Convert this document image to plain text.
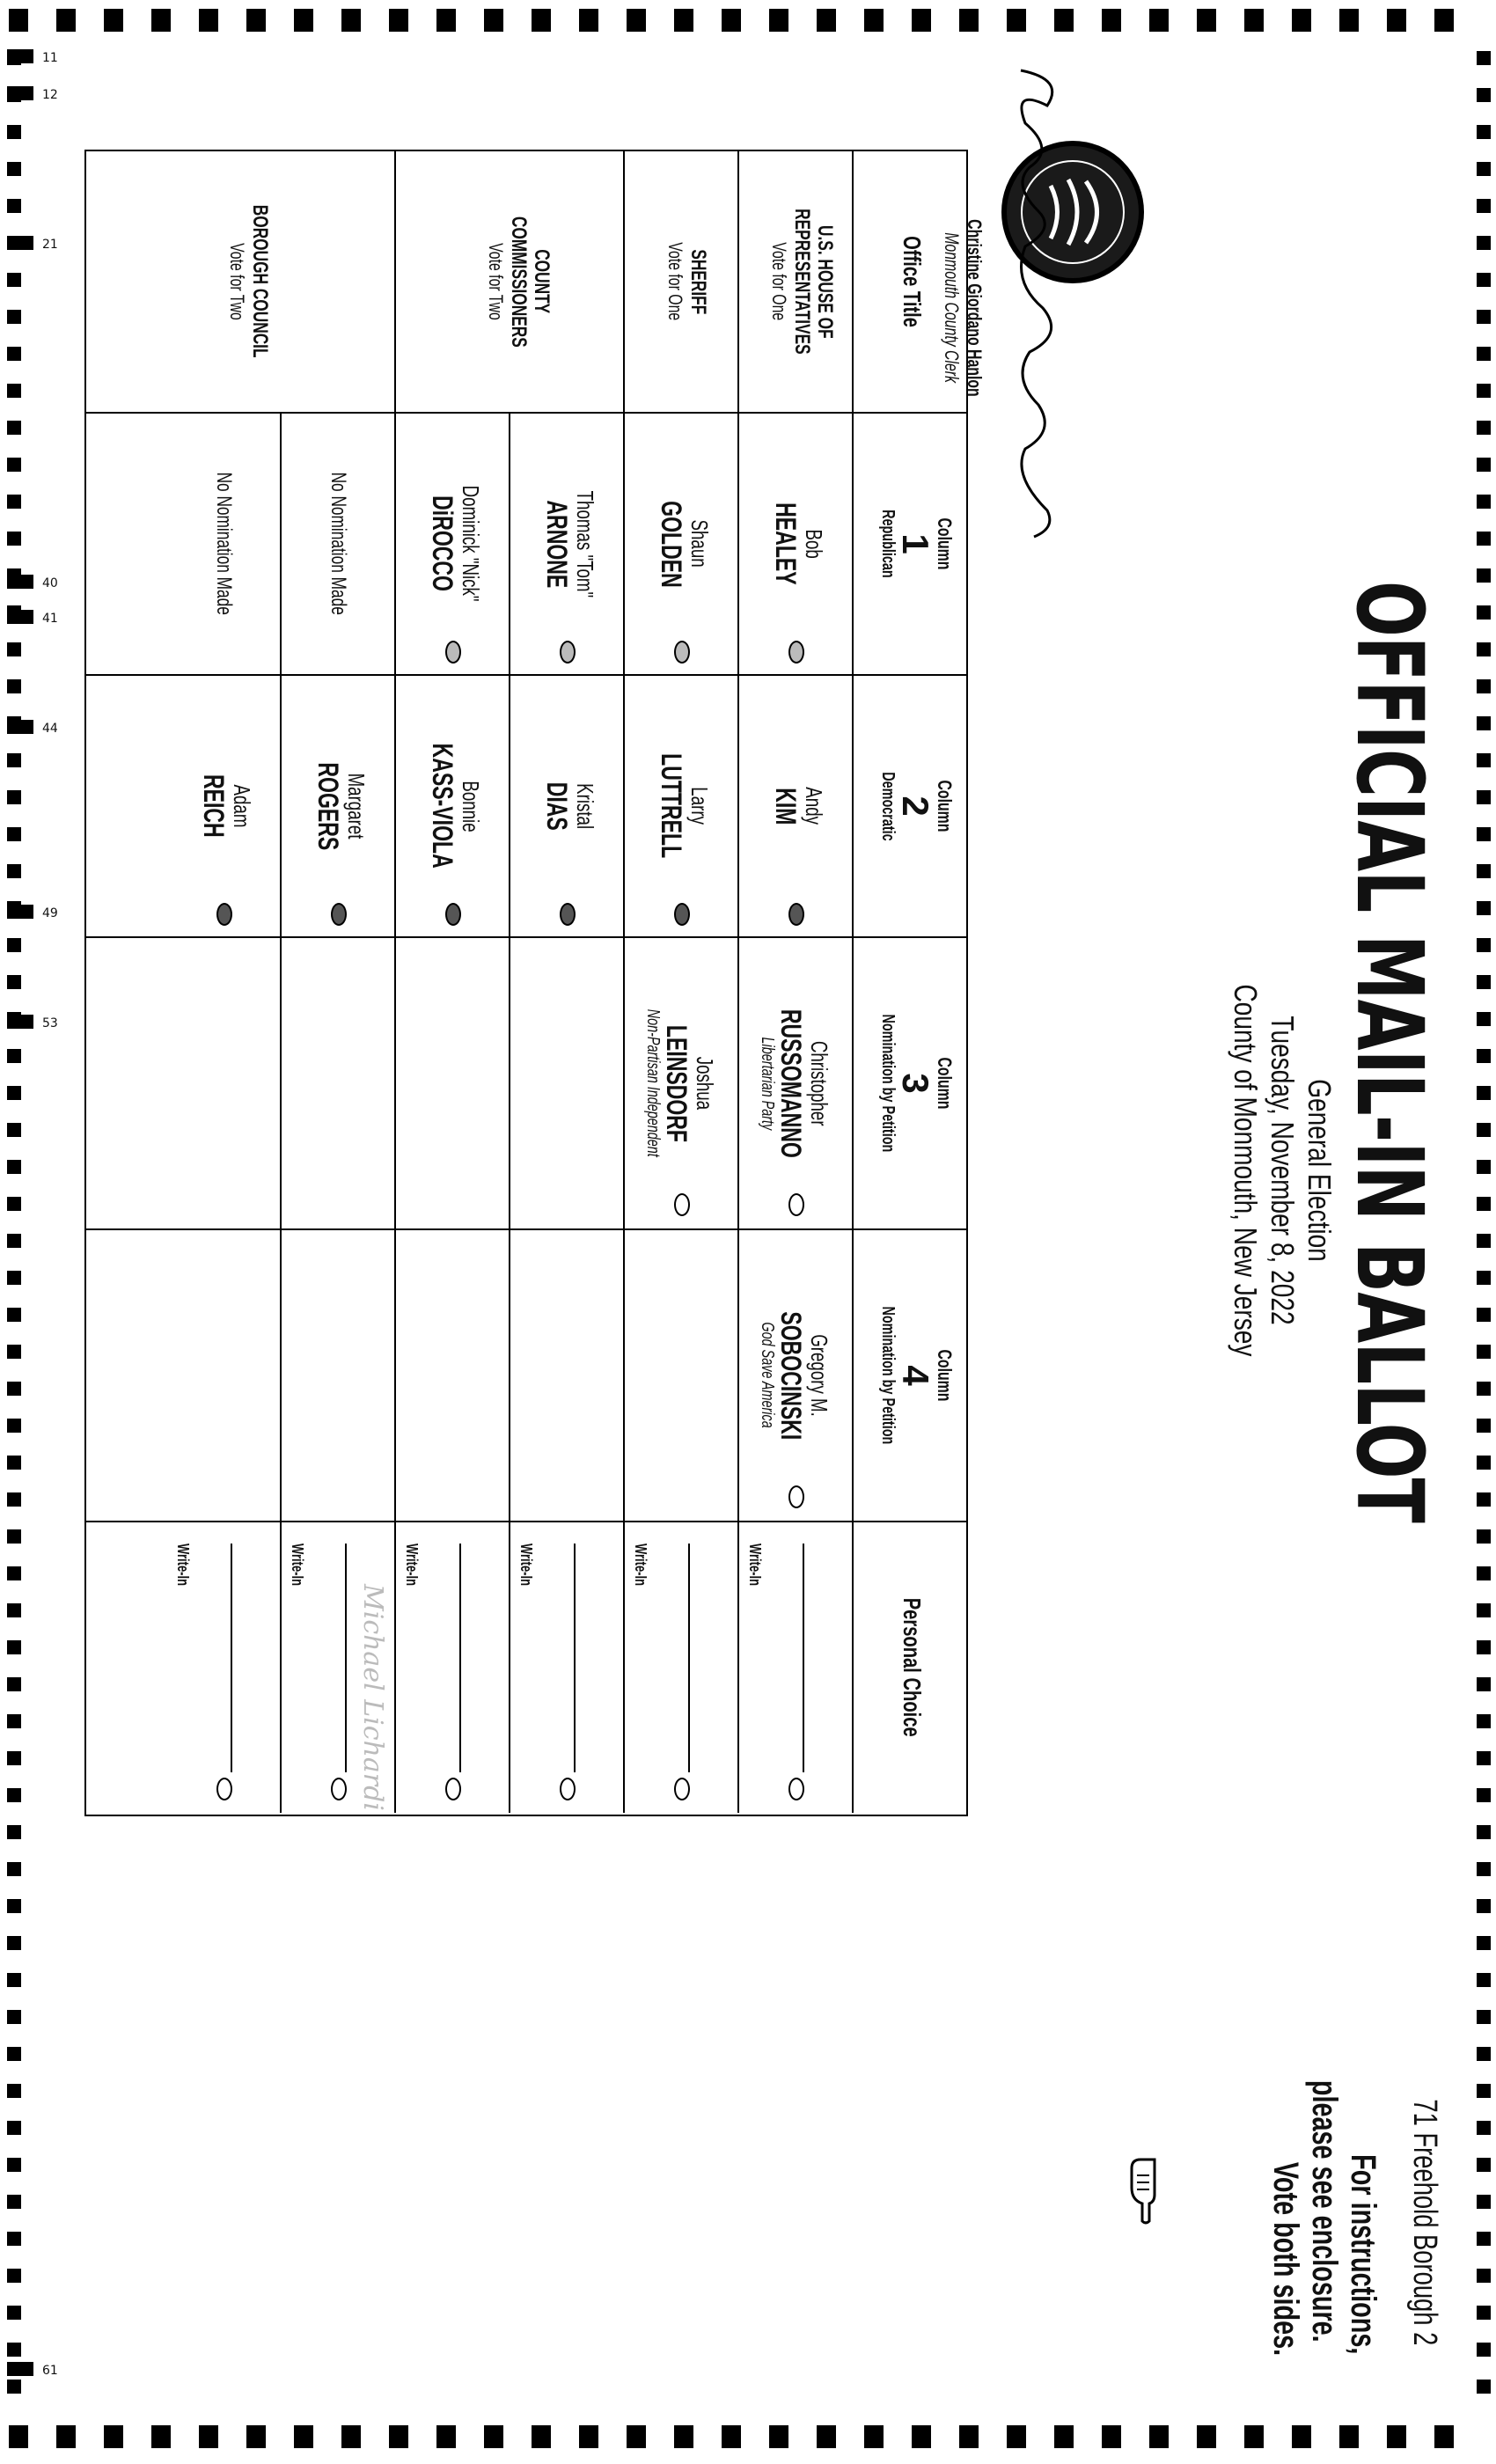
11
12
21
40
41
44
49
53
61
OFFICIAL MAIL-IN BALLOT
General Election
Tuesday, November 8, 2022
County of Monmouth, New Jersey
71 Freehold Borough 2
For instructions,
please see enclosure.
Vote both sides.
Christine Giordano Hanlon
Monmouth County Clerk
Office Title
U.S. HOUSE OF
REPRESENTATIVES
Vote for One
SHERIFF
Vote for One
COUNTY
COMMISSIONERS
Vote for Two
BOROUGH COUNCIL
Vote for Two
Column
1
Republican
Bob
HEALEY
Shaun
GOLDEN
Thomas "Tom"
ARNONE
Dominick "Nick"
DiROCCO
No Nomination Made
No Nomination Made
Column
2
Democratic
Andy
KIM
Larry
LUTTRELL
Kristal
DIAS
Bonnie
KASS-VIOLA
Margaret
ROGERS
Adam
REICH
Column
3
Nomination by Petition
Christopher
RUSSOMANNO
Libertarian Party
Joshua
LEINSDORF
Non-Partisan Independent
Column
4
Nomination by Petition
Gregory M.
SOBOCINSKI
God Save America
Personal Choice
Write-In
Write-In
Write-In
Write-In
Michael Lichardi
Write-In
Write-In
